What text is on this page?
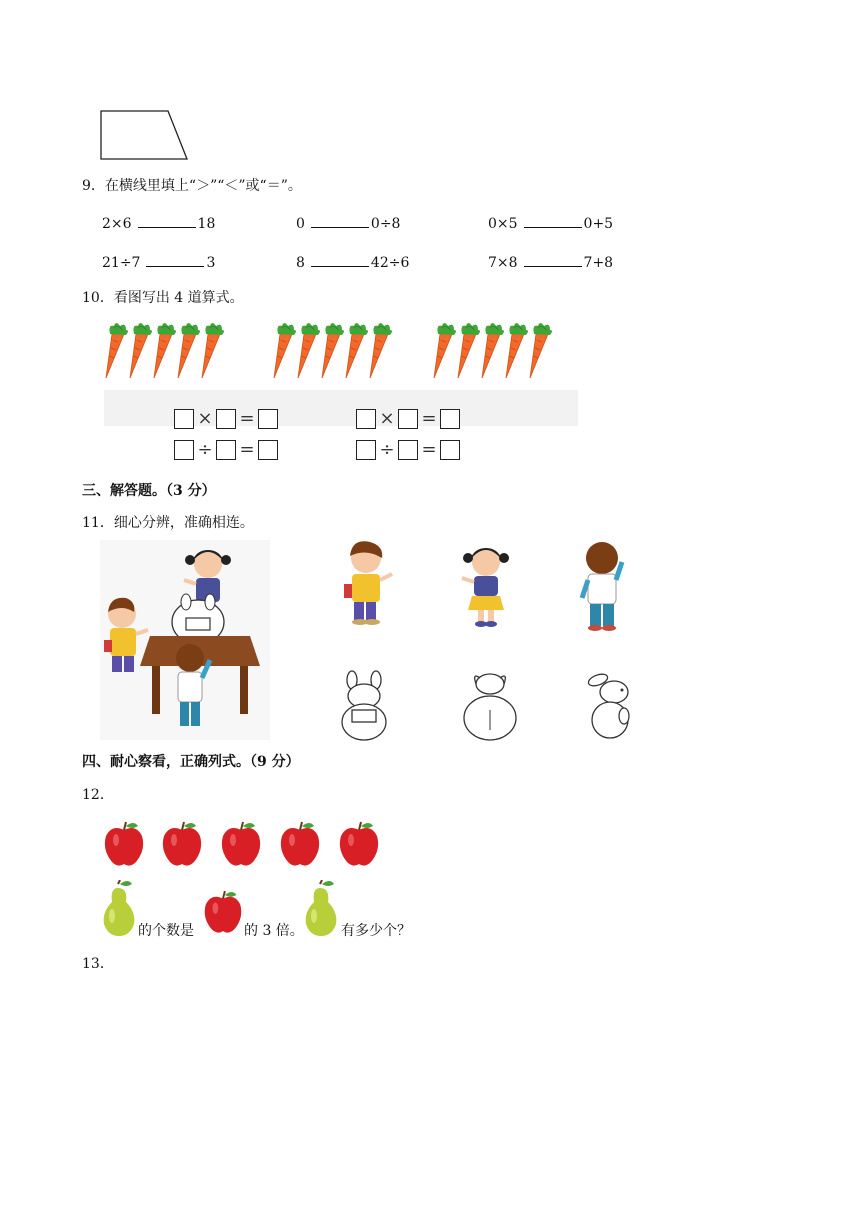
9．在横线里填上“＞”“＜”或“＝”。
2×6	18	0	0÷8	0×5	0+5
21÷7	3	8	42÷6	7×8	7+8
10．看图写出 4 道算式。
× =	× =
÷ =	÷ =
三、解答题。（3 分）
11．细心分辨，准确相连。
四、耐心察看，正确列式。（9 分）
12．
的个数是	的 3 倍。	有多少个？
13．
